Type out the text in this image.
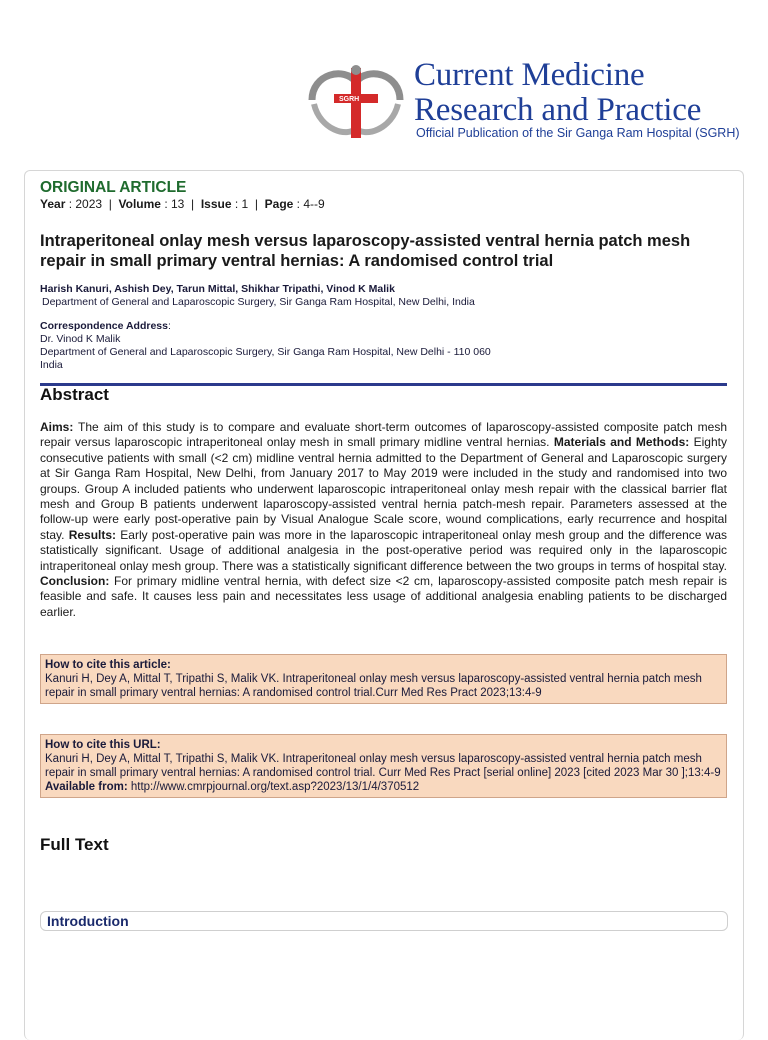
SGRH
Current Medicine
Research and Practice
Official Publication of the Sir Ganga Ram Hospital (SGRH)
ORIGINAL ARTICLE
Year : 2023  |  Volume : 13  |  Issue : 1  |  Page : 4--9
Intraperitoneal onlay mesh versus laparoscopy-assisted ventral hernia patch mesh repair in small primary ventral hernias: A randomised control trial
Harish Kanuri, Ashish Dey, Tarun Mittal, Shikhar Tripathi, Vinod K Malik
Department of General and Laparoscopic Surgery, Sir Ganga Ram Hospital, New Delhi, India
Correspondence Address:
Dr. Vinod K Malik
Department of General and Laparoscopic Surgery, Sir Ganga Ram Hospital, New Delhi - 110 060
India
Abstract
Aims: The aim of this study is to compare and evaluate short-term outcomes of laparoscopy-assisted composite patch mesh repair versus laparoscopic intraperitoneal onlay mesh in small primary midline ventral hernias. Materials and Methods: Eighty consecutive patients with small (<2 cm) midline ventral hernia admitted to the Department of General and Laparoscopic surgery at Sir Ganga Ram Hospital, New Delhi, from January 2017 to May 2019 were included in the study and randomised into two groups. Group A included patients who underwent laparoscopic intraperitoneal onlay mesh repair with the classical barrier flat mesh and Group B patients underwent laparoscopy-assisted ventral hernia patch-mesh repair. Parameters assessed at the follow-up were early post-operative pain by Visual Analogue Scale score, wound complications, early recurrence and hospital stay. Results: Early post-operative pain was more in the laparoscopic intraperitoneal onlay mesh group and the difference was statistically significant. Usage of additional analgesia in the post-operative period was required only in the laparoscopic intraperitoneal onlay mesh group. There was a statistically significant difference between the two groups in terms of hospital stay. Conclusion: For primary midline ventral hernia, with defect size <2 cm, laparoscopy-assisted composite patch mesh repair is feasible and safe. It causes less pain and necessitates less usage of additional analgesia enabling patients to be discharged earlier.
How to cite this article:
Kanuri H, Dey A, Mittal T, Tripathi S, Malik VK. Intraperitoneal onlay mesh versus laparoscopy-assisted ventral hernia patch mesh repair in small primary ventral hernias: A randomised control trial.Curr Med Res Pract 2023;13:4-9
How to cite this URL:
Kanuri H, Dey A, Mittal T, Tripathi S, Malik VK. Intraperitoneal onlay mesh versus laparoscopy-assisted ventral hernia patch mesh repair in small primary ventral hernias: A randomised control trial. Curr Med Res Pract [serial online] 2023 [cited 2023 Mar 30 ];13:4-9
Available from: http://www.cmrpjournal.org/text.asp?2023/13/1/4/370512
Full Text
Introduction
